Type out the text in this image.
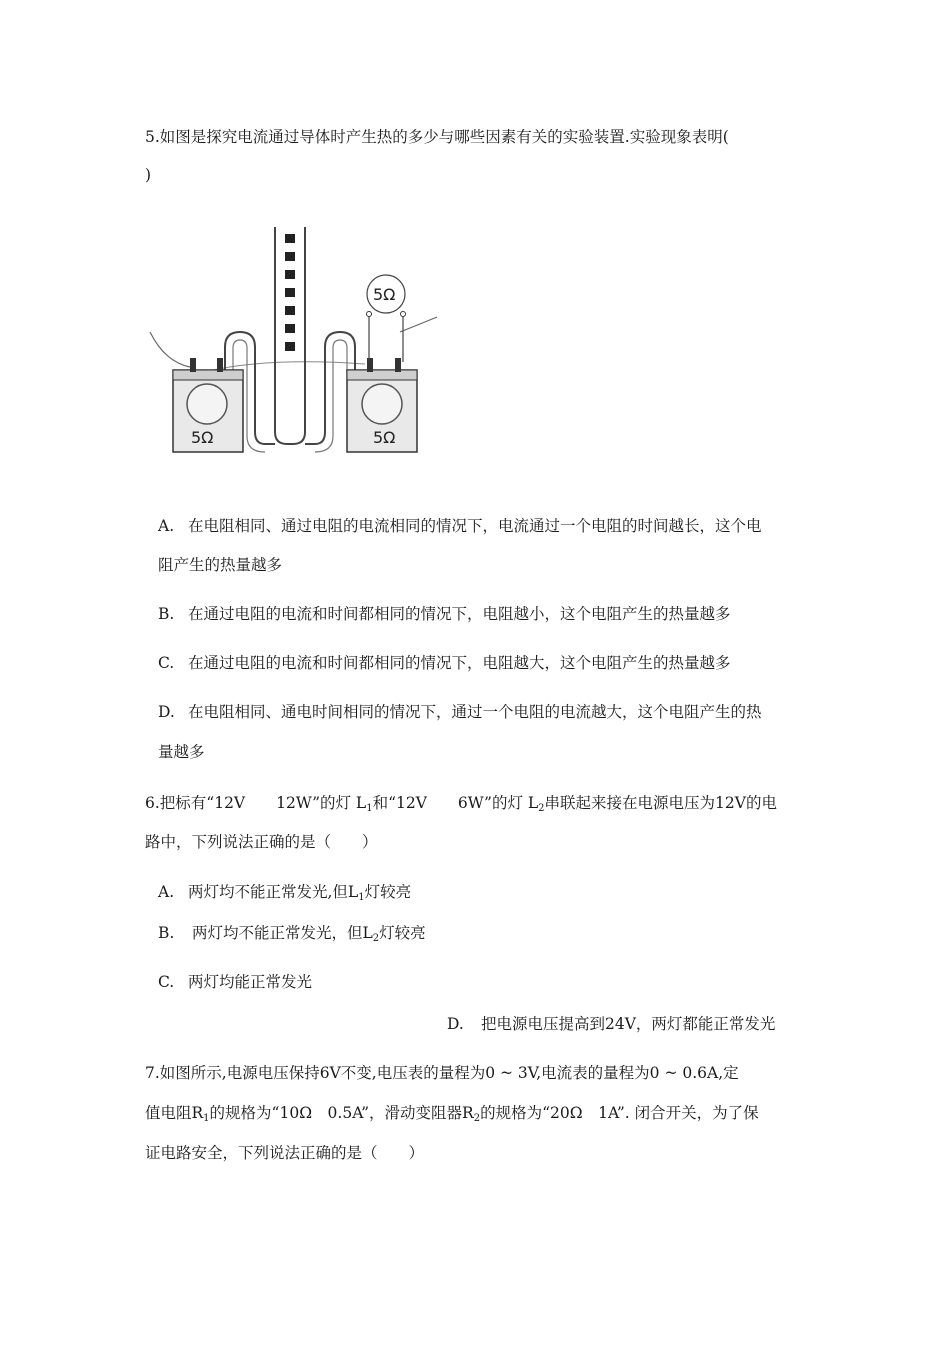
5.如图是探究电流通过导体时产生热的多少与哪些因素有关的实验装置.实验现象表明(
)
5Ω	5Ω
5Ω
A. 在电阻相同、通过电阻的电流相同的情况下，电流通过一个电阻的时间越长，这个电
阻产生的热量越多
B. 在通过电阻的电流和时间都相同的情况下，电阻越小，这个电阻产生的热量越多
C. 在通过电阻的电流和时间都相同的情况下，电阻越大，这个电阻产生的热量越多
D. 在电阻相同、通电时间相同的情况下，通过一个电阻的电流越大，这个电阻产生的热
量越多
6.把标有“12V　　12W”的灯 $L_1$和“12V　　6W”的灯 $L_2$串联起来接在电源电压为12V的电
路中，下列说法正确的是（　　）
A. 两灯均不能正常发光,但$L_1$灯较亮
B. 两灯均不能正常发光，但$L_2$灯较亮
C. 两灯均能正常发光
D. 把电源电压提高到24V，两灯都能正常发光
7.如图所示,电源电压保持6V不变,电压表的量程为0 ~ 3V,电流表的量程为0 ~ 0.6A,定
值电阻$R_1$的规格为“10Ω　0.5A”，滑动变阻器$R_2$的规格为“20Ω　1A”. 闭合开关，为了保
证电路安全，下列说法正确的是（　　）
